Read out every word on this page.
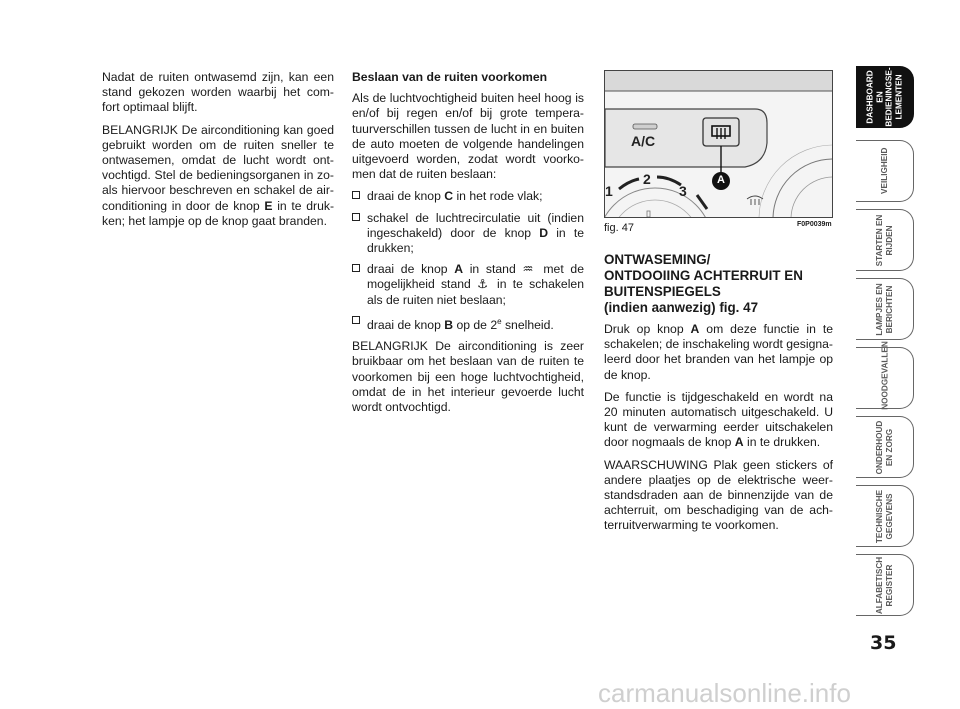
Nadat de ruiten ontwasemd zijn, kan een stand gekozen worden waarbij het com-fort optimaal blijft.

BELANGRIJK De airconditioning kan goed gebruikt worden om de ruiten sneller te ontwasemen, omdat de lucht wordt ont-vochtigd. Stel de bedieningsorganen in zo-als hiervoor beschreven en schakel de air-conditioning in door de knop E in te druk-ken; het lampje op de knop gaat branden.

Beslaan van de ruiten voorkomen

Als de luchtvochtigheid buiten heel hoog is en/of bij regen en/of bij grote tempera-tuurverschillen tussen de lucht in en buiten de auto moeten de volgende handelingen uitgevoerd worden, zodat wordt voorko-men dat de ruiten beslaan:

draai de knop C in het rode vlak;

schakel de luchtrecirculatie uit (indien ingeschakeld) door de knop D in te drukken;

draai de knop A in stand ♒ met de mogelijkheid stand ⚓ in te schakelen als de ruiten niet beslaan;

draai de knop B op de 2e snelheid.

BELANGRIJK De airconditioning is zeer bruikbaar om het beslaan van de ruiten te voorkomen bij een hoge luchtvochtigheid, omdat de in het interieur gevoerde lucht wordt ontvochtigd.

A/C
A
1
2
3
fig. 47	F0P0039m
ONTWASEMING/
ONTDOOIING ACHTERRUIT EN
BUITENSPIEGELS
(indien aanwezig) fig. 47

Druk op knop A om deze functie in te schakelen; de inschakeling wordt gesigna-leerd door het branden van het lampje op de knop.

De functie is tijdgeschakeld en wordt na 20 minuten automatisch uitgeschakeld. U kunt de verwarming eerder uitschakelen door nogmaals de knop A in te drukken.

WAARSCHUWING Plak geen stickers of andere plaatjes op de elektrische weer-standsdraden aan de binnenzijde van de achterruit, om beschadiging van de ach-terruitverwarming te voorkomen.

DASHBOARD EN
BEDIENINGSE-
LEMENTEN
VEILIGHEID
STARTEN EN
RIJDEN
LAMPJES EN
BERICHTEN
NOODGEVALLEN
ONDERHOUD
EN ZORG
TECHNISCHE
GEGEVENS
ALFABETISCH
REGISTER
35
carmanualsonline.info
